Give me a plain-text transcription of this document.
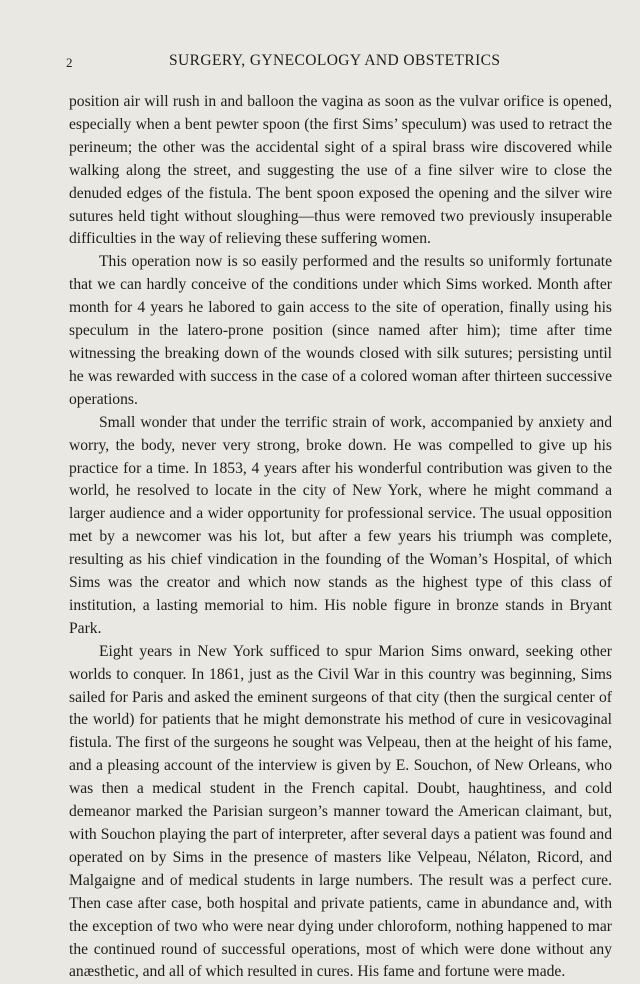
2	SURGERY, GYNECOLOGY AND OBSTETRICS

position air will rush in and balloon the vagina as soon as the vulvar orifice is opened, especially when a bent pewter spoon (the first Sims’ speculum) was used to retract the perineum; the other was the accidental sight of a spiral brass wire discovered while walking along the street, and suggesting the use of a fine silver wire to close the denuded edges of the fistula. The bent spoon exposed the opening and the silver wire sutures held tight without sloughing—thus were removed two previously insuperable difficulties in the way of relieving these suffering women.

This operation now is so easily performed and the results so uniformly fortunate that we can hardly conceive of the conditions under which Sims worked. Month after month for 4 years he labored to gain access to the site of operation, finally using his speculum in the latero-prone position (since named after him); time after time witnessing the breaking down of the wounds closed with silk sutures; persisting until he was rewarded with success in the case of a colored woman after thirteen successive operations.

Small wonder that under the terrific strain of work, accompanied by anxiety and worry, the body, never very strong, broke down. He was compelled to give up his practice for a time. In 1853, 4 years after his wonderful contribution was given to the world, he resolved to locate in the city of New York, where he might command a larger audience and a wider opportunity for professional service. The usual opposition met by a newcomer was his lot, but after a few years his triumph was complete, resulting as his chief vindication in the founding of the Woman’s Hospital, of which Sims was the creator and which now stands as the highest type of this class of institution, a lasting memorial to him. His noble figure in bronze stands in Bryant Park.

Eight years in New York sufficed to spur Marion Sims onward, seeking other worlds to conquer. In 1861, just as the Civil War in this country was beginning, Sims sailed for Paris and asked the eminent surgeons of that city (then the surgical center of the world) for patients that he might demonstrate his method of cure in vesicovaginal fistula. The first of the surgeons he sought was Velpeau, then at the height of his fame, and a pleasing account of the interview is given by E. Souchon, of New Orleans, who was then a medical student in the French capital. Doubt, haughtiness, and cold demeanor marked the Parisian surgeon’s manner toward the American claimant, but, with Souchon playing the part of interpreter, after several days a patient was found and operated on by Sims in the presence of masters like Velpeau, Nélaton, Ricord, and Malgaigne and of medical students in large numbers. The result was a perfect cure. Then case after case, both hospital and private patients, came in abundance and, with the exception of two who were near dying under chloroform, nothing happened to mar the continued round of successful operations, most of which were done without any anæsthetic, and all of which resulted in cures. His fame and fortune were made.
